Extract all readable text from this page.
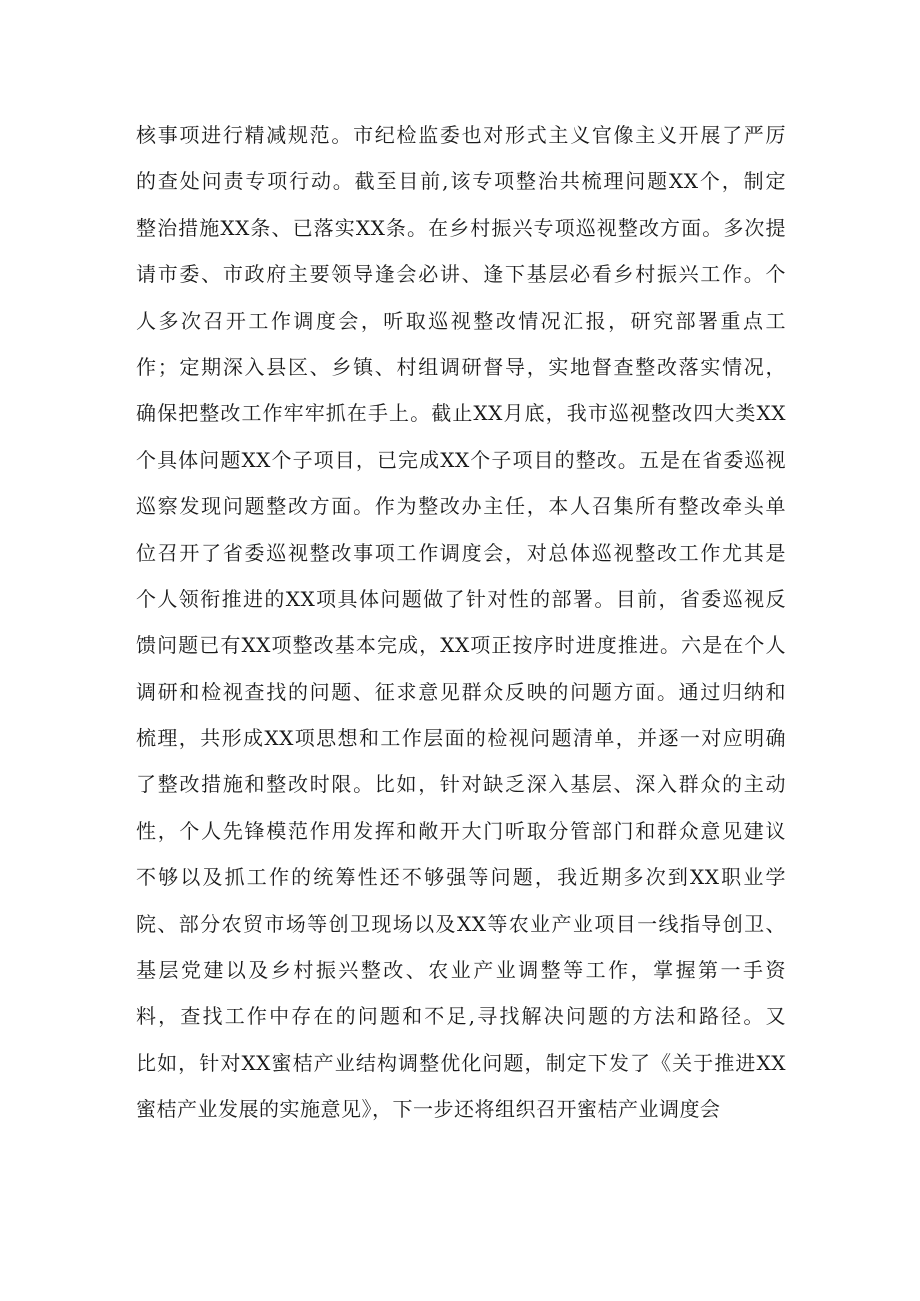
核事项进行精减规范。市纪检监委也对形式主义官像主义开展了严厉
的查处问责专项行动。截至目前,该专项整治共梳理问题XX个，制定
整治措施XX条、已落实XX条。在乡村振兴专项巡视整改方面。多次提
请市委、市政府主要领导逢会必讲、逢下基层必看乡村振兴工作。个
人多次召开工作调度会，听取巡视整改情况汇报，研究部署重点工
作；定期深入县区、乡镇、村组调研督导，实地督查整改落实情况，
确保把整改工作牢牢抓在手上。截止XX月底，我市巡视整改四大类XX
个具体问题XX个子项目，已完成XX个子项目的整改。五是在省委巡视
巡察发现问题整改方面。作为整改办主任，本人召集所有整改牵头单
位召开了省委巡视整改事项工作调度会，对总体巡视整改工作尤其是
个人领衔推进的XX项具体问题做了针对性的部署。目前，省委巡视反
馈问题已有XX项整改基本完成，XX项正按序时进度推进。六是在个人
调研和检视查找的问题、征求意见群众反映的问题方面。通过归纳和
梳理，共形成XX项思想和工作层面的检视问题清单，并逐一对应明确
了整改措施和整改时限。比如，针对缺乏深入基层、深入群众的主动
性，个人先锋模范作用发挥和敞开大门听取分管部门和群众意见建议
不够以及抓工作的统筹性还不够强等问题，我近期多次到XX职业学
院、部分农贸市场等创卫现场以及XX等农业产业项目一线指导创卫、
基层党建以及乡村振兴整改、农业产业调整等工作，掌握第一手资
料，查找工作中存在的问题和不足,寻找解决问题的方法和路径。又
比如，针对XX蜜桔产业结构调整优化问题，制定下发了《关于推进XX
蜜桔产业发展的实施意见》，下一步还将组织召开蜜桔产业调度会
